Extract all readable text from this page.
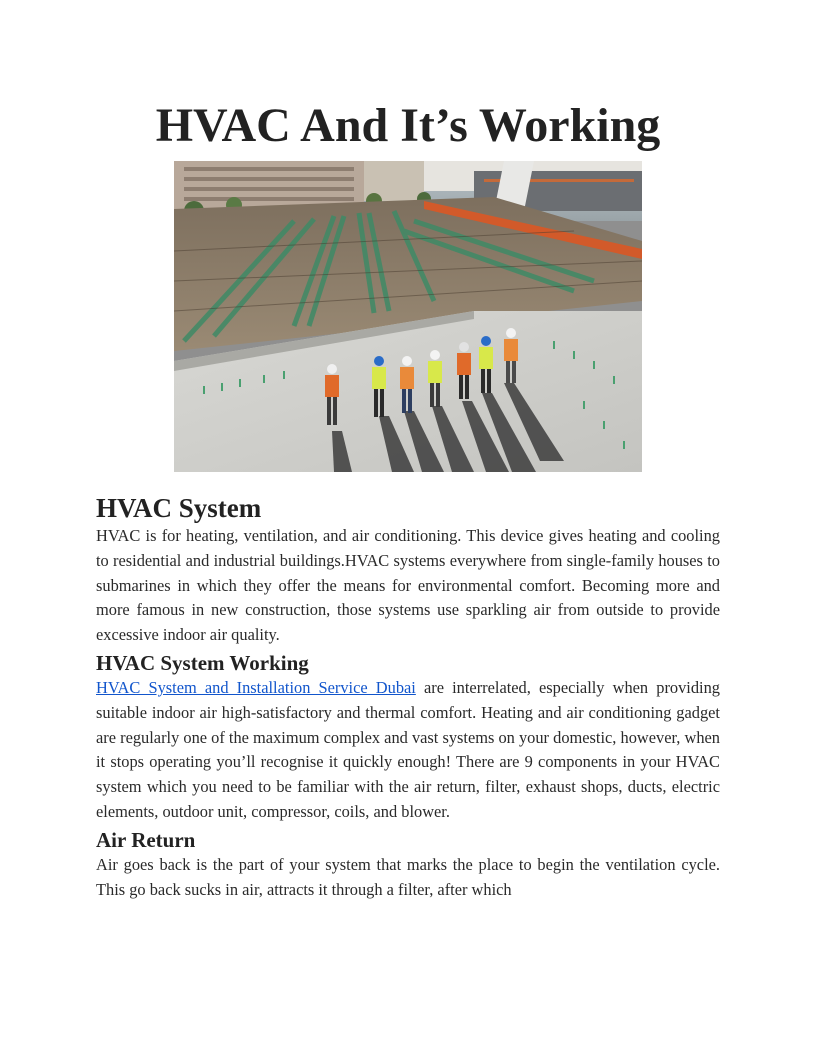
HVAC And It’s Working
HVAC System

HVAC is for heating, ventilation, and air conditioning. This device gives heating and cooling to residential and industrial buildings.HVAC systems everywhere from single-family houses to submarines in which they offer the means for environmental comfort. Becoming more and more famous in new construction, those systems use sparkling air from outside to provide excessive indoor air quality.

HVAC System Working

HVAC System and Installation Service Dubai are interrelated, especially when providing suitable indoor air high-satisfactory and thermal comfort. Heating and air conditioning gadget are regularly one of the maximum complex and vast systems on your domestic, however, when it stops operating you’ll recognise it quickly enough! There are 9 components in your HVAC system which you need to be familiar with the air return, filter, exhaust shops, ducts, electric elements, outdoor unit, compressor, coils, and blower.

Air Return

Air goes back is the part of your system that marks the place to begin the ventilation cycle. This go back sucks in air, attracts it through a filter, after which
